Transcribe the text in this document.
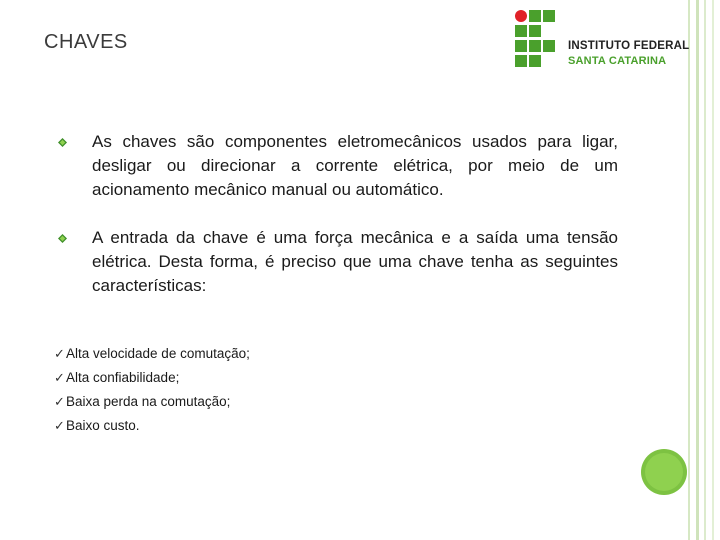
CHAVES	INSTITUTO FEDERAL
SANTA CATARINA
As chaves são componentes eletromecânicos usados para ligar, desligar ou direcionar a corrente elétrica, por meio de um acionamento mecânico manual ou automático.
A entrada da chave é uma força mecânica e a saída uma tensão elétrica. Desta forma, é preciso que uma chave tenha as seguintes características:
✓ Alta velocidade de comutação;
✓ Alta confiabilidade;
✓ Baixa perda na comutação;
✓ Baixo custo.
